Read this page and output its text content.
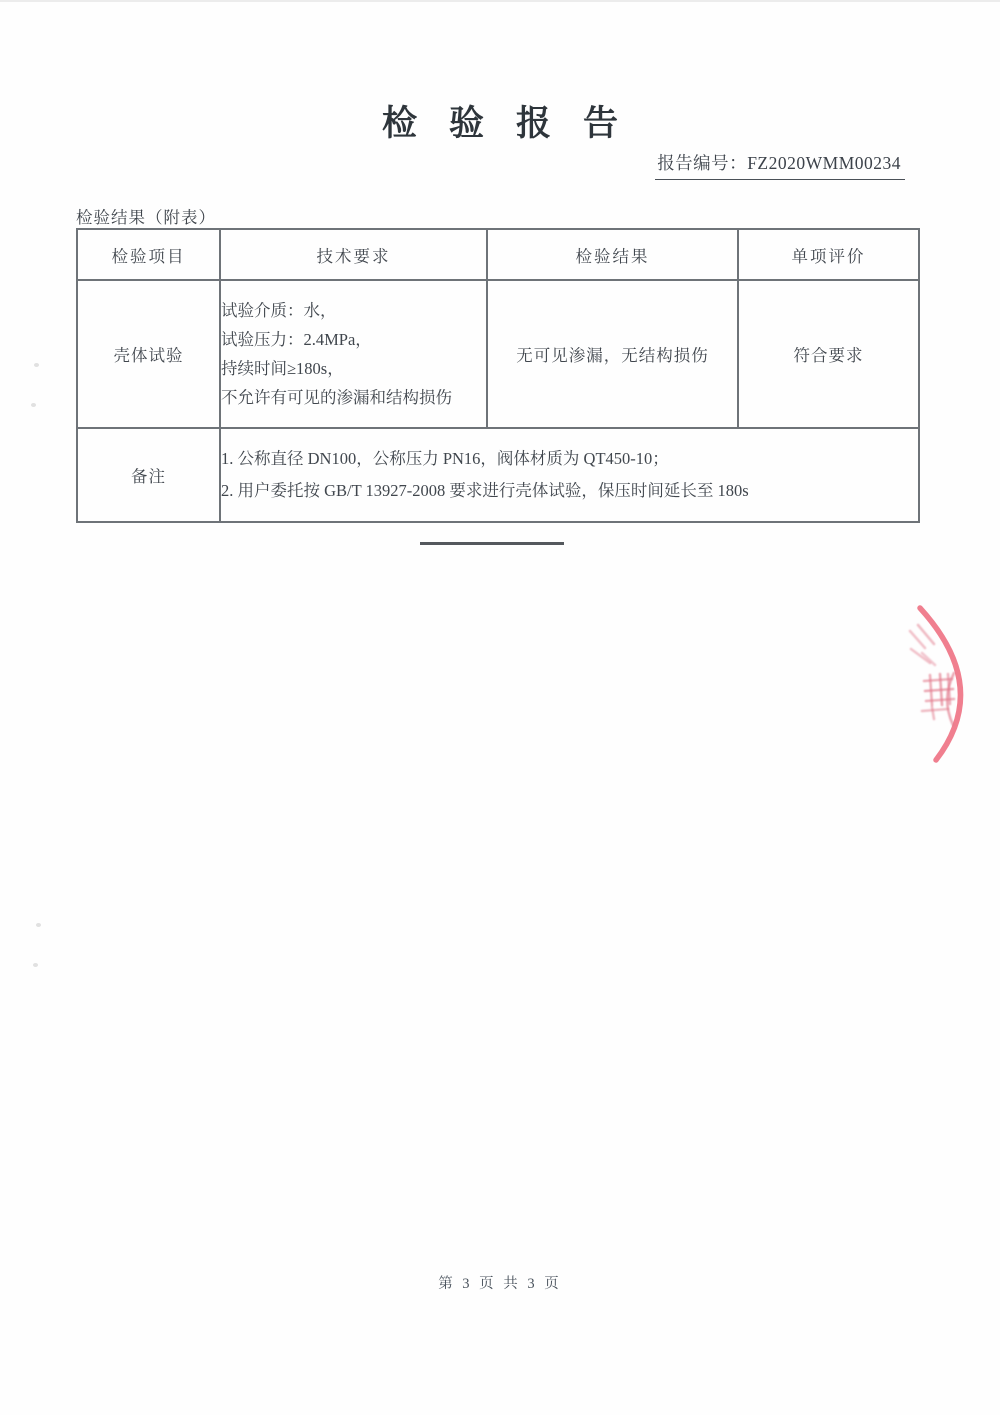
检验报告
报告编号：FZ2020WMM00234
检验结果（附表）
检验项目	技术要求	检验结果	单项评价
壳体试验	试验介质：水，
试验压力：2.4MPa，
持续时间≥180s，
不允许有可见的渗漏和结构损伤	无可见渗漏，无结构损伤	符合要求
备注	1. 公称直径 DN100，公称压力 PN16，阀体材质为 QT450-10；
2. 用户委托按 GB/T 13927-2008 要求进行壳体试验，保压时间延长至 180s		
第 3 页 共 3 页
